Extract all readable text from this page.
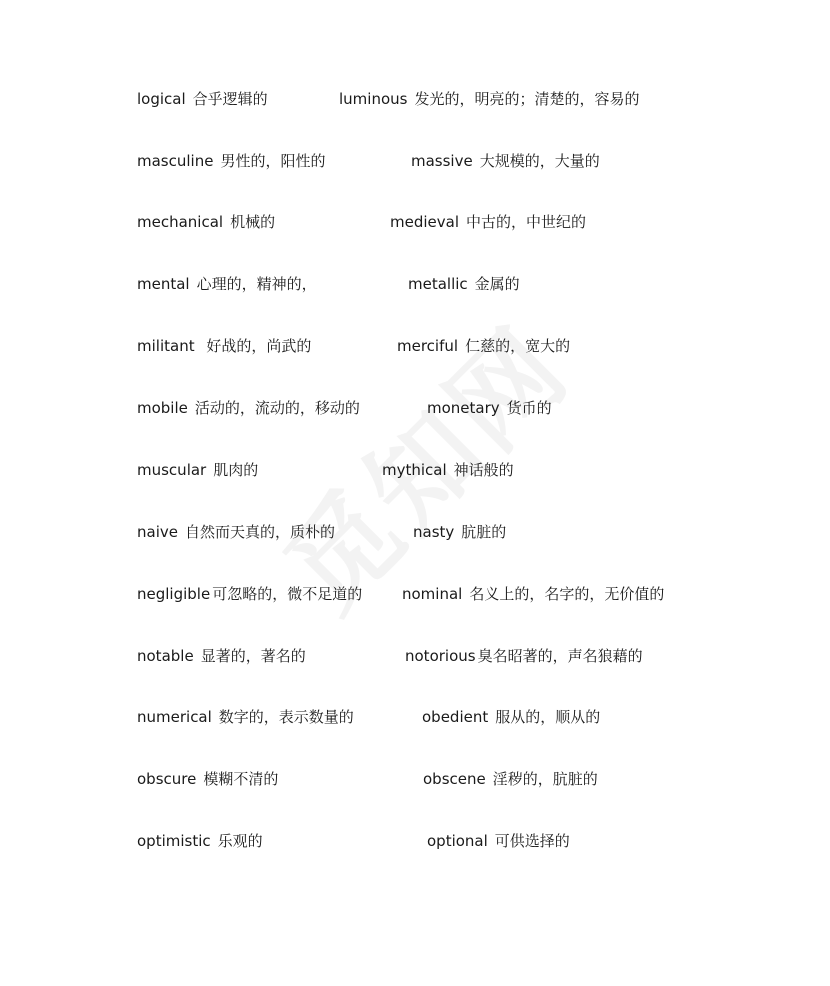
logical 合乎逻辑的	luminous 发光的，明亮的；清楚的，容易的
masculine 男性的，阳性的	massive 大规模的，大量的
mechanical 机械的	medieval 中古的，中世纪的
mental 心理的，精神的，	metallic 金属的
militant 好战的，尚武的	merciful 仁慈的，宽大的
mobile 活动的，流动的，移动的	monetary 货币的
muscular 肌肉的	mythical 神话般的
naive 自然而天真的，质朴的	nasty 肮脏的
negligible 可忽略的，微不足道的	nominal 名义上的，名字的，无价值的
notable 显著的，著名的	notorious 臭名昭著的，声名狼藉的
numerical 数字的，表示数量的	obedient 服从的，顺从的
obscure 模糊不清的	obscene 淫秽的，肮脏的
optimistic 乐观的	optional 可供选择的
